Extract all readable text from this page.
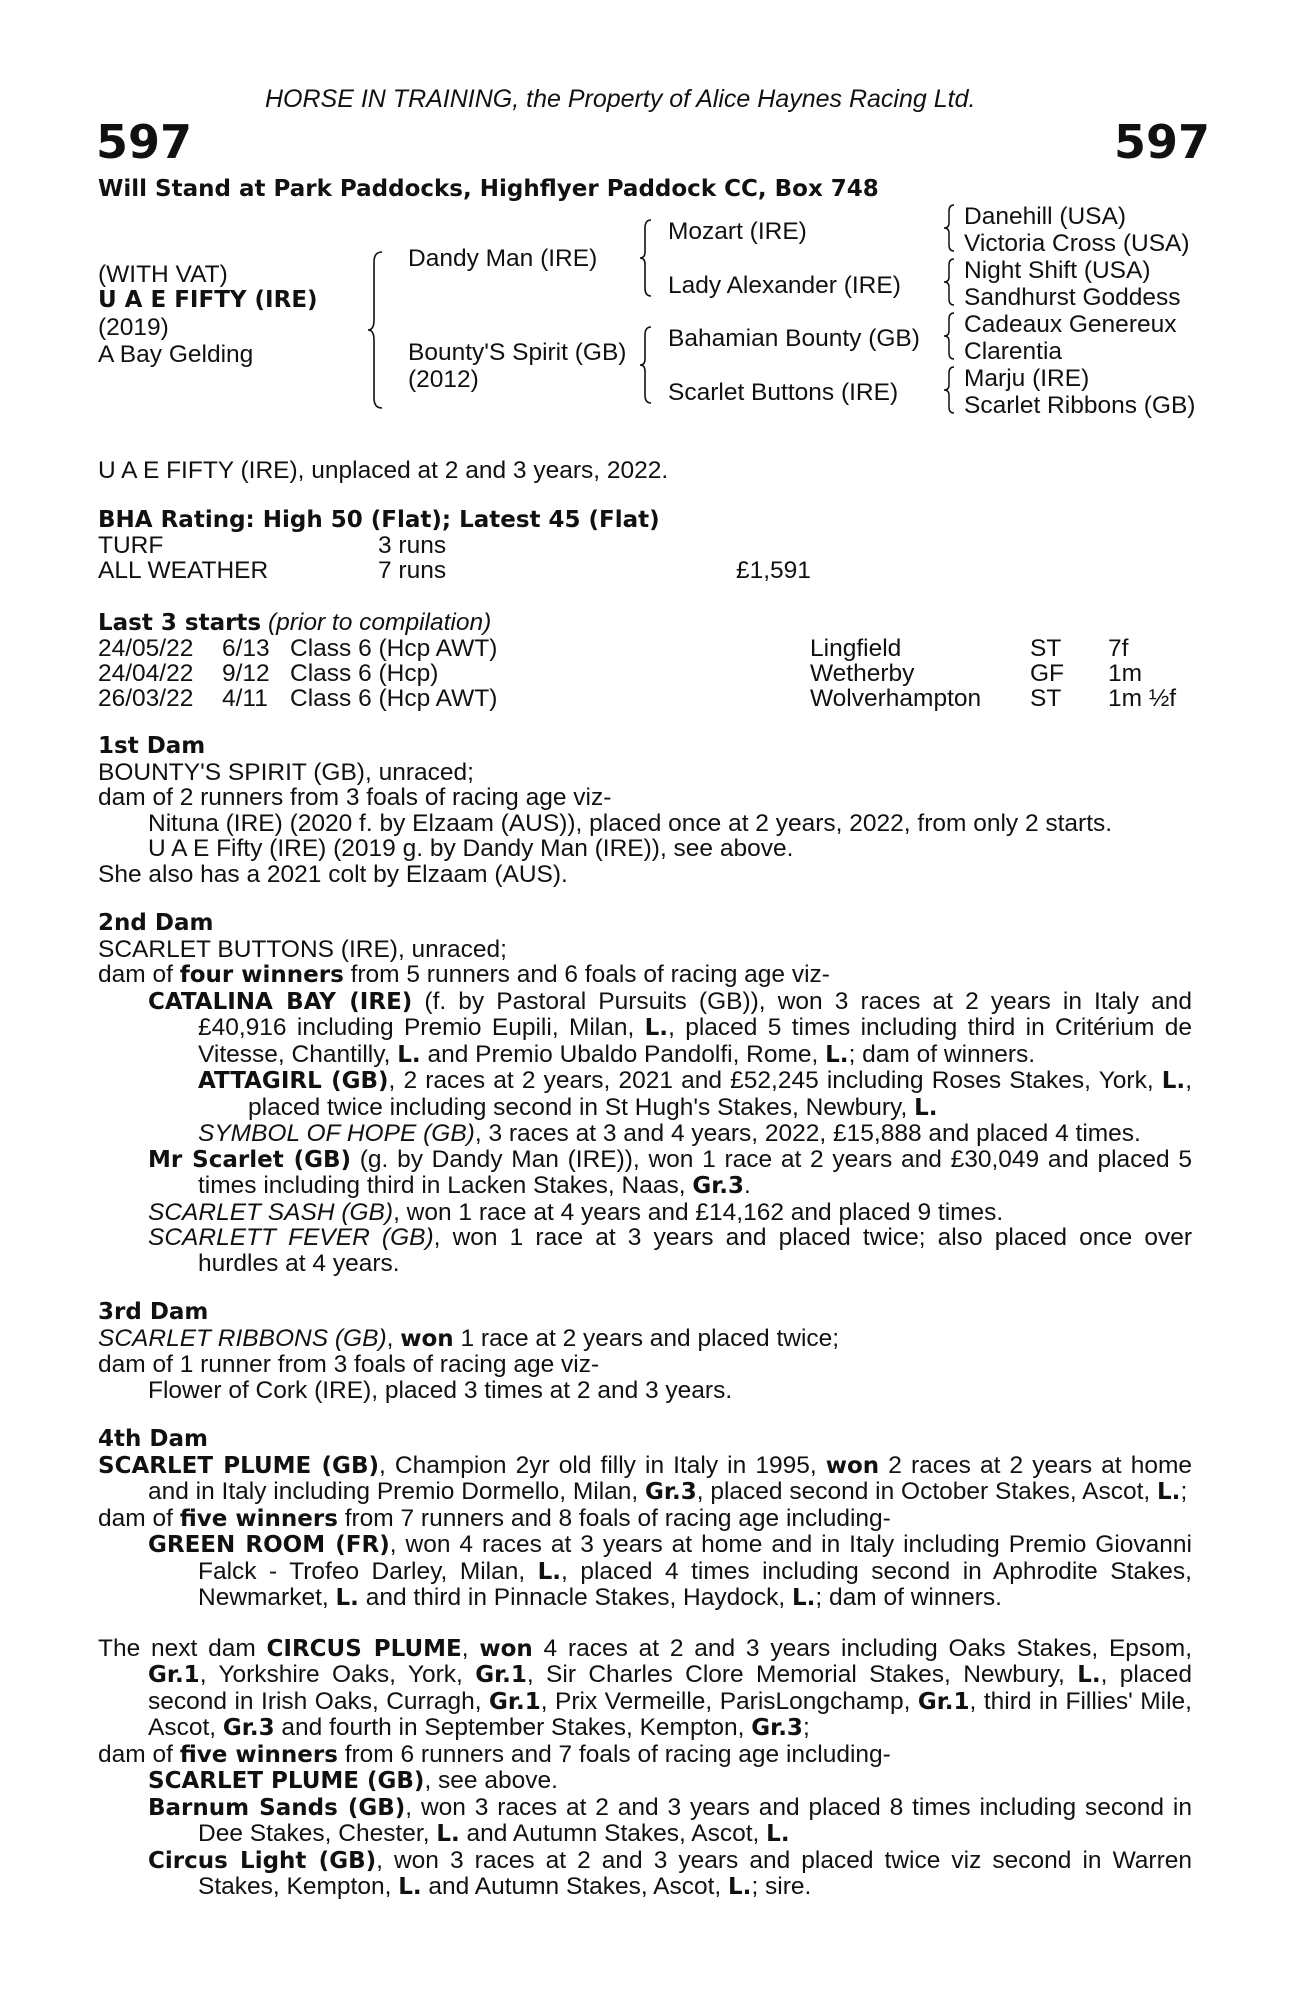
HORSE IN TRAINING, the Property of Alice Haynes Racing Ltd.
597	597
Will Stand at Park Paddocks, Highflyer Paddock CC, Box 748
(WITH VAT)
U A E FIFTY (IRE)
(2019)
A Bay Gelding
Dandy Man (IRE)
Bounty'S Spirit (GB)
(2012)
Mozart (IRE)
Lady Alexander (IRE)
Bahamian Bounty (GB)
Scarlet Buttons (IRE)
Danehill (USA)
Victoria Cross (USA)
Night Shift (USA)
Sandhurst Goddess
Cadeaux Genereux
Clarentia
Marju (IRE)
Scarlet Ribbons (GB)
U A E FIFTY (IRE), unplaced at 2 and 3 years, 2022.
BHA Rating: High 50 (Flat); Latest 45 (Flat)
TURF	3 runs
ALL WEATHER	7 runs	£1,591
Last 3 starts (prior to compilation)
24/05/22 6/13 Class 6 (Hcp AWT)	Lingfield	ST 7f
24/04/22 9/12 Class 6 (Hcp)	Wetherby	GF 1m
26/03/22 4/11 Class 6 (Hcp AWT)	Wolverhampton ST 1m ½f
1st Dam
BOUNTY'S SPIRIT (GB), unraced;
dam of 2 runners from 3 foals of racing age viz-
Nituna (IRE) (2020 f. by Elzaam (AUS)), placed once at 2 years, 2022, from only 2 starts.
U A E Fifty (IRE) (2019 g. by Dandy Man (IRE)), see above.
She also has a 2021 colt by Elzaam (AUS).
2nd Dam
SCARLET BUTTONS (IRE), unraced;
dam of four winners from 5 runners and 6 foals of racing age viz-
CATALINA BAY (IRE) (f. by Pastoral Pursuits (GB)), won 3 races at 2 years in Italy and £40,916 including Premio Eupili, Milan, L., placed 5 times including third in Critérium de Vitesse, Chantilly, L. and Premio Ubaldo Pandolfi, Rome, L.; dam of winners.
ATTAGIRL (GB), 2 races at 2 years, 2021 and £52,245 including Roses Stakes, York, L., placed twice including second in St Hugh's Stakes, Newbury, L.
SYMBOL OF HOPE (GB), 3 races at 3 and 4 years, 2022, £15,888 and placed 4 times.
Mr Scarlet (GB) (g. by Dandy Man (IRE)), won 1 race at 2 years and £30,049 and placed 5 times including third in Lacken Stakes, Naas, Gr.3.
SCARLET SASH (GB), won 1 race at 4 years and £14,162 and placed 9 times.
SCARLETT FEVER (GB), won 1 race at 3 years and placed twice; also placed once over hurdles at 4 years.
3rd Dam
SCARLET RIBBONS (GB), won 1 race at 2 years and placed twice;
dam of 1 runner from 3 foals of racing age viz-
Flower of Cork (IRE), placed 3 times at 2 and 3 years.
4th Dam
SCARLET PLUME (GB), Champion 2yr old filly in Italy in 1995, won 2 races at 2 years at home and in Italy including Premio Dormello, Milan, Gr.3, placed second in October Stakes, Ascot, L.;
dam of five winners from 7 runners and 8 foals of racing age including-
GREEN ROOM (FR), won 4 races at 3 years at home and in Italy including Premio Giovanni Falck - Trofeo Darley, Milan, L., placed 4 times including second in Aphrodite Stakes, Newmarket, L. and third in Pinnacle Stakes, Haydock, L.; dam of winners.
The next dam CIRCUS PLUME, won 4 races at 2 and 3 years including Oaks Stakes, Epsom, Gr.1, Yorkshire Oaks, York, Gr.1, Sir Charles Clore Memorial Stakes, Newbury, L., placed second in Irish Oaks, Curragh, Gr.1, Prix Vermeille, ParisLongchamp, Gr.1, third in Fillies' Mile, Ascot, Gr.3 and fourth in September Stakes, Kempton, Gr.3;
dam of five winners from 6 runners and 7 foals of racing age including-
SCARLET PLUME (GB), see above.
Barnum Sands (GB), won 3 races at 2 and 3 years and placed 8 times including second in Dee Stakes, Chester, L. and Autumn Stakes, Ascot, L.
Circus Light (GB), won 3 races at 2 and 3 years and placed twice viz second in Warren Stakes, Kempton, L. and Autumn Stakes, Ascot, L.; sire.
